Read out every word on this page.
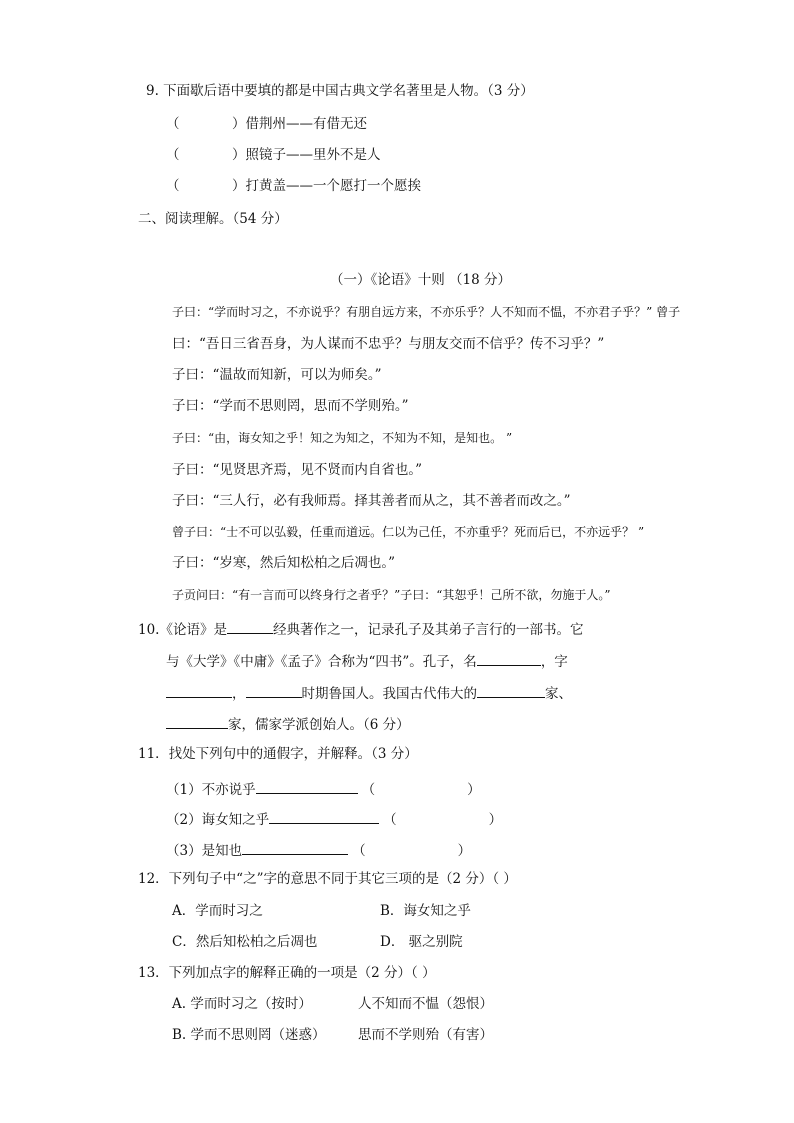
9. 下面歇后语中要填的都是中国古典文学名著里是人物。（3 分）
（	）借荆州——有借无还
（	）照镜子——里外不是人
（	）打黄盖——一个愿打一个愿挨
二、阅读理解。（54 分）
（一）《论语》十则 （18 分）
子曰：“学而时习之，不亦说乎？有朋自远方来，不亦乐乎？人不知而不愠，不亦君子乎？” 曾子
曰：“吾日三省吾身，为人谋而不忠乎？与朋友交而不信乎？传不习乎？”
子曰：“温故而知新，可以为师矣。”
子曰：“学而不思则罔，思而不学则殆。”
子曰：“由，诲女知之乎！知之为知之，不知为不知，是知也。 ”
子曰：“见贤思齐焉，见不贤而内自省也。”
子曰：“三人行，必有我师焉。择其善者而从之，其不善者而改之。”
曾子曰：“士不可以弘毅，任重而道远。仁以为己任，不亦重乎？死而后已，不亦远乎？ ”
子曰：“岁寒，然后知松柏之后凋也。”
子贡问曰：“有一言而可以终身行之者乎？”子曰：“其恕乎！己所不欲，勿施于人。”
10.《论语》是	经典著作之一，记录孔子及其弟子言行的一部书。它
与《大学》《中庸》《孟子》合称为“四书”。孔子，名	，字
，	时期鲁国人。我国古代伟大的	家、
家，儒家学派创始人。（6 分）
11．找处下列句中的通假字，并解释。（3 分）
（1）不亦说乎	（	）
（2）诲女知之乎	（	）
（3）是知也	（	）
12．下列句子中“之”字的意思不同于其它三项的是（2 分）（ ）
A．学而时习之	B．诲女知之乎
C．然后知松柏之后凋也	D． 驱之别院
13．下列加点字的解释正确的一项是（2 分）（ ）
A. 学而时习之（按时）	人不知而不愠（怨恨）
B. 学而不思则罔（迷惑） 思而不学则殆（有害）
